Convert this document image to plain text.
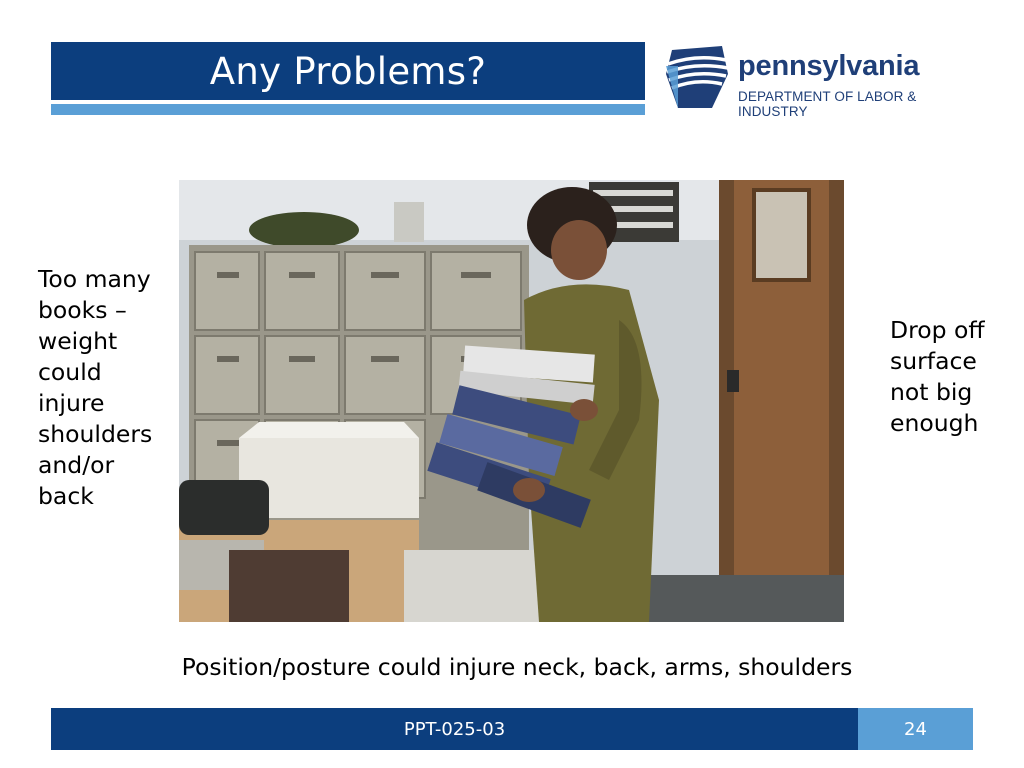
Any Problems?	pennsylvania
DEPARTMENT OF LABOR & INDUSTRY
Too many books – weight could injure shoulders and/or back
Drop off surface not big enough
Position/posture could injure neck, back, arms, shoulders
PPT-025-03	24
